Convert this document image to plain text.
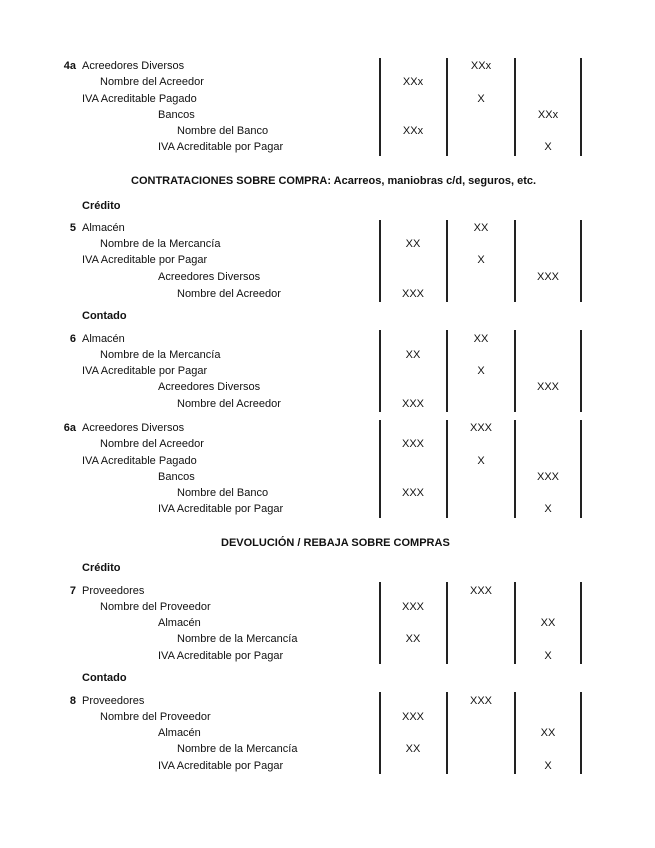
4a Acreedores Diversos
Nombre del Acreedor
IVA Acreditable Pagado
Bancos
Nombre del Banco
IVA Acreditable por Pagar
XXx
XXx
XXx
X
XXx
X
CONTRATACIONES SOBRE COMPRA: Acarreos, maniobras c/d, seguros, etc.
Crédito
5 Almacén
Nombre de la Mercancía
IVA Acreditable por Pagar
Acreedores Diversos
Nombre del Acreedor
XX
XXX
XX
X
XXX
Contado
6 Almacén
Nombre de la Mercancía
IVA Acreditable por Pagar
Acreedores Diversos
Nombre del Acreedor
XX
XXX
XX
X
XXX
6a Acreedores Diversos
Nombre del Acreedor
IVA Acreditable Pagado
Bancos
Nombre del Banco
IVA Acreditable por Pagar
XXX
XXX
XXX
X
XXX
X
DEVOLUCIÓN / REBAJA SOBRE COMPRAS
Crédito
7 Proveedores
Nombre del Proveedor
Almacén
Nombre de la Mercancía
IVA Acreditable por Pagar
XXX
XX
XXX
XX
X
Contado
8 Proveedores
Nombre del Proveedor
Almacén
Nombre de la Mercancía
IVA Acreditable por Pagar
XXX
XX
XXX
XX
X
